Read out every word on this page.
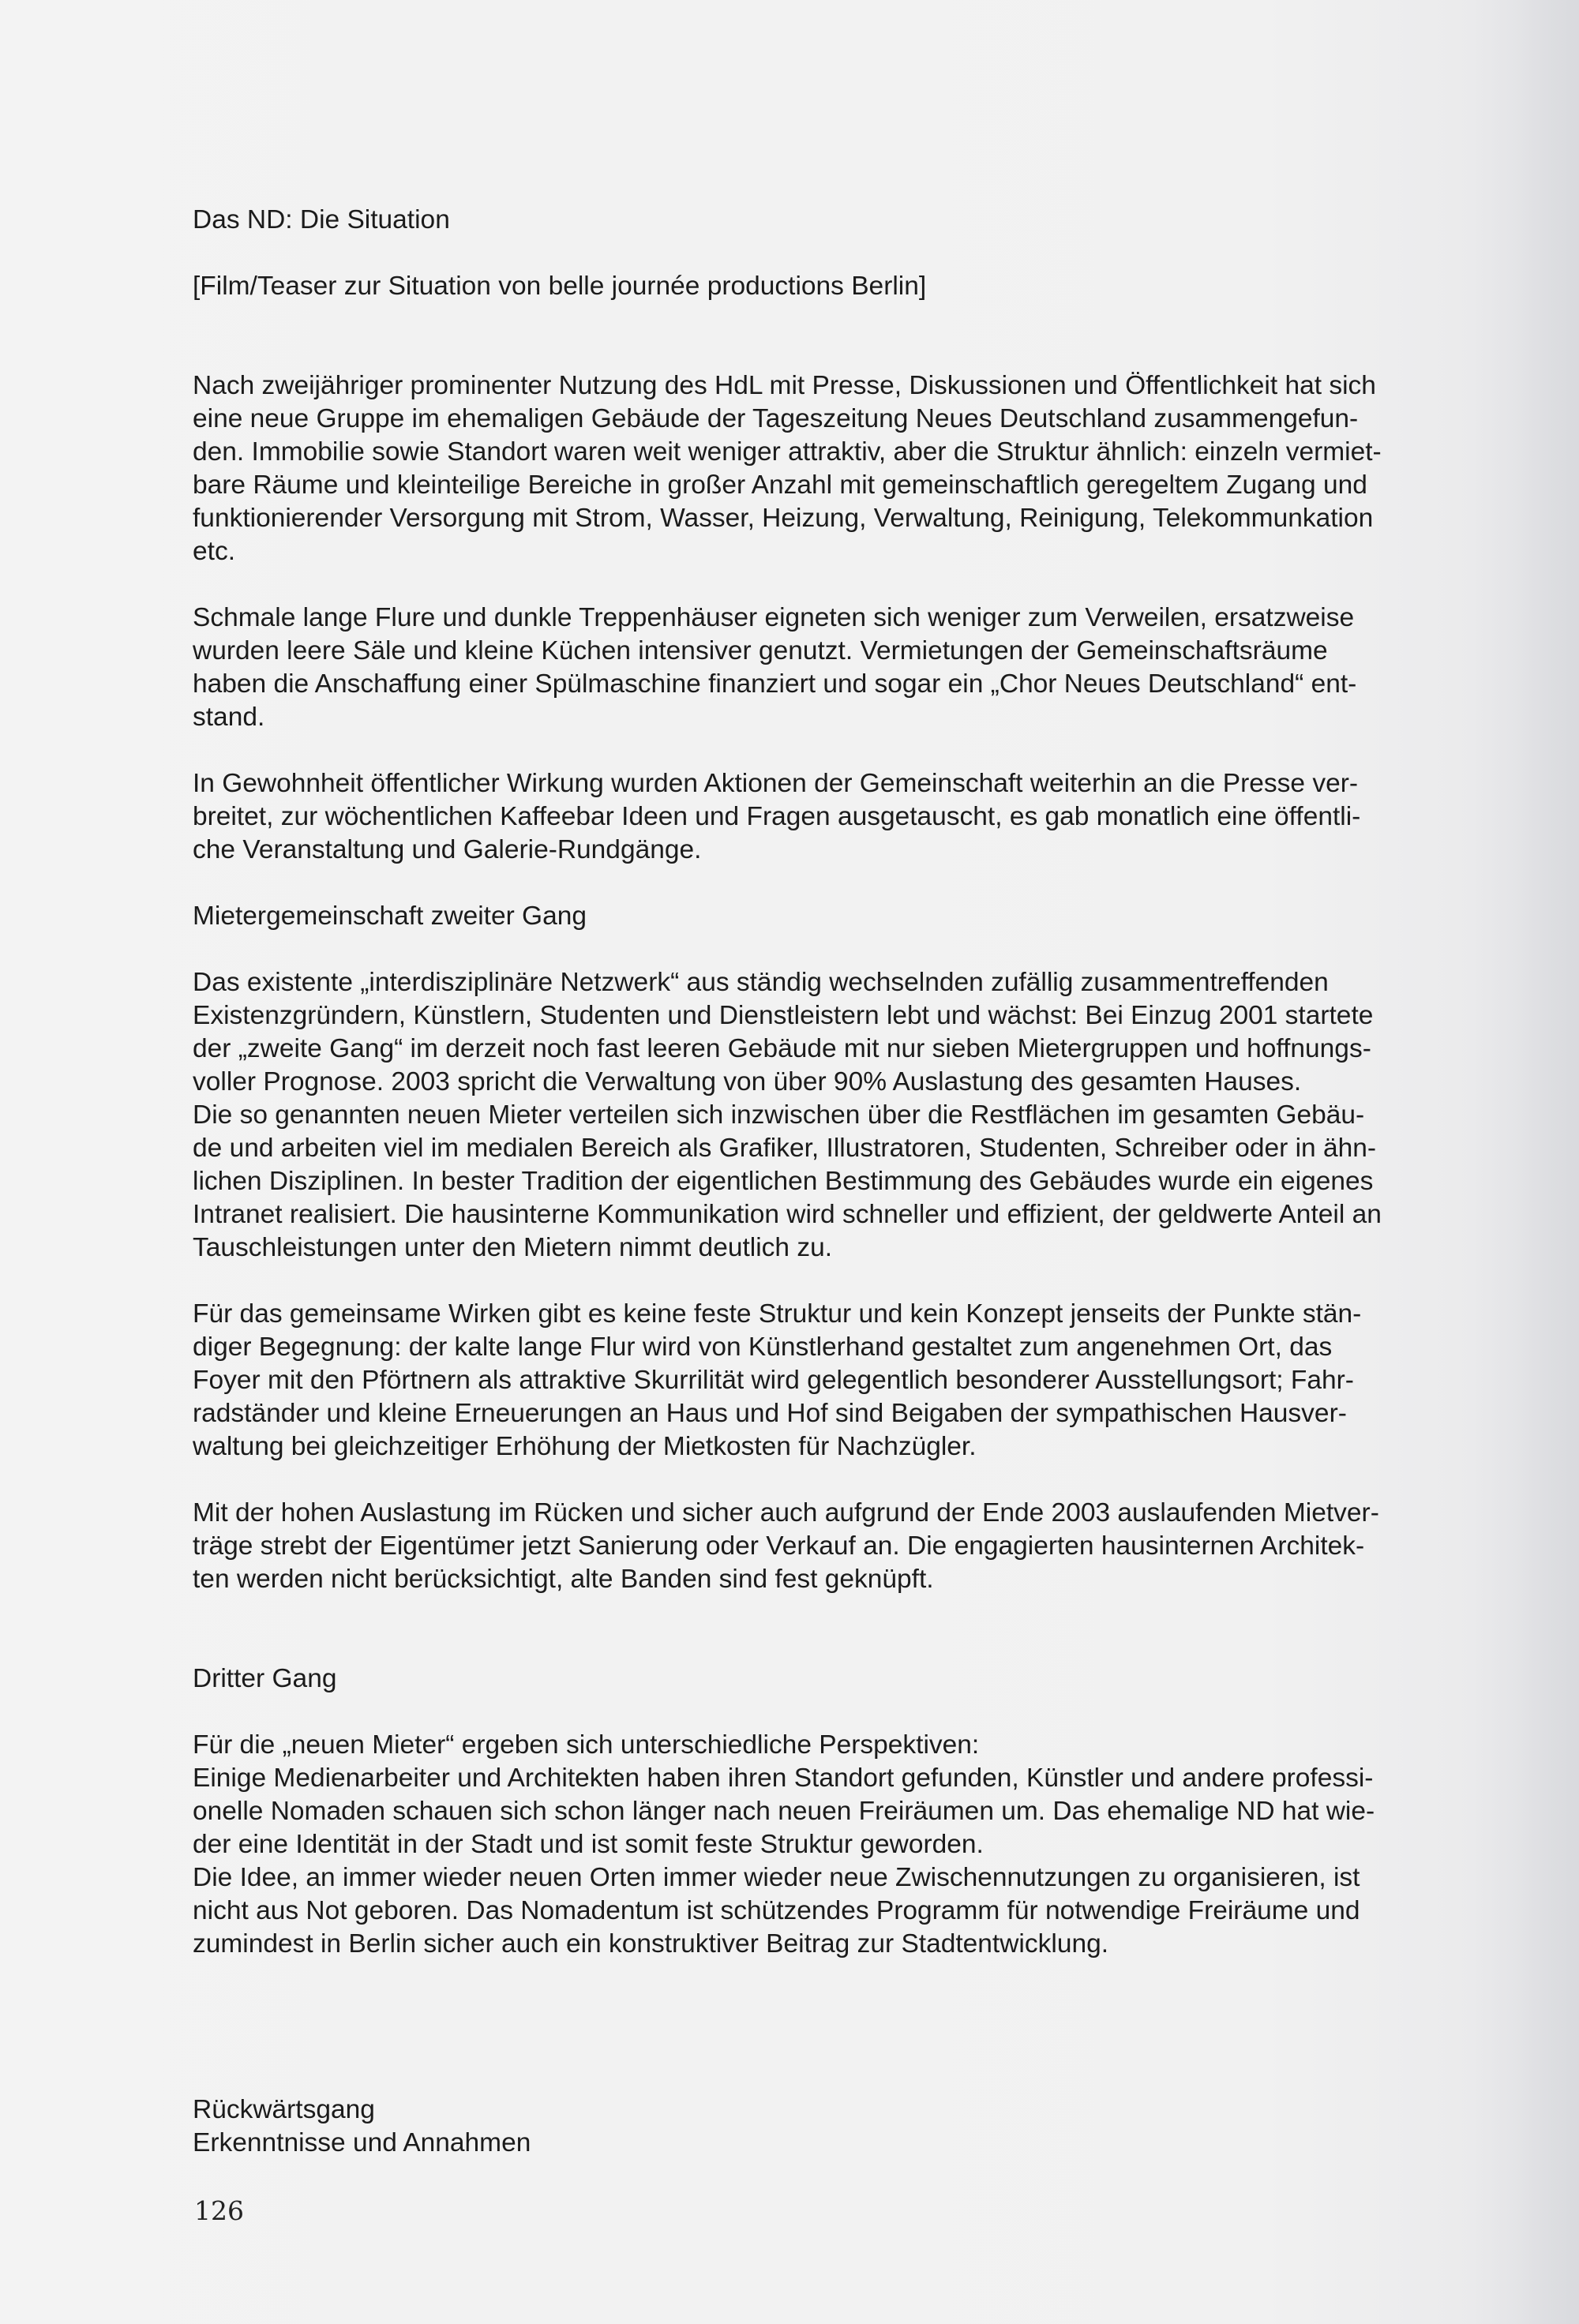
Das ND: Die Situation

[Film/Teaser zur Situation von belle journée productions Berlin]

Nach zweijähriger prominenter Nutzung des HdL mit Presse, Diskussionen und Öffentlichkeit hat sich

eine neue Gruppe im ehemaligen Gebäude der Tageszeitung Neues Deutschland zusammengefun-

den. Immobilie sowie Standort waren weit weniger attraktiv, aber die Struktur ähnlich: einzeln vermiet-

bare Räume und kleinteilige Bereiche in großer Anzahl mit gemeinschaftlich geregeltem Zugang und

funktionierender Versorgung mit Strom, Wasser, Heizung, Verwaltung, Reinigung, Telekommunkation

etc.

Schmale lange Flure und dunkle Treppenhäuser eigneten sich weniger zum Verweilen, ersatzweise

wurden leere Säle und kleine Küchen intensiver genutzt. Vermietungen der Gemeinschaftsräume

haben die Anschaffung einer Spülmaschine finanziert und sogar ein „Chor Neues Deutschland“ ent-

stand.

In Gewohnheit öffentlicher Wirkung wurden Aktionen der Gemeinschaft weiterhin an die Presse ver-

breitet, zur wöchentlichen Kaffeebar Ideen und Fragen ausgetauscht, es gab monatlich eine öffentli-

che Veranstaltung und Galerie-Rundgänge.

Mietergemeinschaft zweiter Gang

Das existente „interdisziplinäre Netzwerk“ aus ständig wechselnden zufällig zusammentreffenden

Existenzgründern, Künstlern, Studenten und Dienstleistern lebt und wächst: Bei Einzug 2001 startete

der „zweite Gang“ im derzeit noch fast leeren Gebäude mit nur sieben Mietergruppen und hoffnungs-

voller Prognose. 2003 spricht die Verwaltung von über 90% Auslastung des gesamten Hauses.

Die so genannten neuen Mieter verteilen sich inzwischen über die Restflächen im gesamten Gebäu-

de und arbeiten viel im medialen Bereich als Grafiker, Illustratoren, Studenten, Schreiber oder in ähn-

lichen Disziplinen. In bester Tradition der eigentlichen Bestimmung des Gebäudes wurde ein eigenes

Intranet realisiert. Die hausinterne Kommunikation wird schneller und effizient, der geldwerte Anteil an

Tauschleistungen unter den Mietern nimmt deutlich zu.

Für das gemeinsame Wirken gibt es keine feste Struktur und kein Konzept jenseits der Punkte stän-

diger Begegnung: der kalte lange Flur wird von Künstlerhand gestaltet zum angenehmen Ort, das

Foyer mit den Pförtnern als attraktive Skurrilität wird gelegentlich besonderer Ausstellungsort; Fahr-

radständer und kleine Erneuerungen an Haus und Hof sind Beigaben der sympathischen Hausver-

waltung bei gleichzeitiger Erhöhung der Mietkosten für Nachzügler.

Mit der hohen Auslastung im Rücken und sicher auch aufgrund der Ende 2003 auslaufenden Mietver-

träge strebt der Eigentümer jetzt Sanierung oder Verkauf an. Die engagierten hausinternen Architek-

ten werden nicht berücksichtigt, alte Banden sind fest geknüpft.

Dritter Gang

Für die „neuen Mieter“ ergeben sich unterschiedliche Perspektiven:

Einige Medienarbeiter und Architekten haben ihren Standort gefunden, Künstler und andere professi-

onelle Nomaden schauen sich schon länger nach neuen Freiräumen um. Das ehemalige ND hat wie-

der eine Identität in der Stadt und ist somit feste Struktur geworden.

Die Idee, an immer wieder neuen Orten immer wieder neue Zwischennutzungen zu organisieren, ist

nicht aus Not geboren. Das Nomadentum ist schützendes Programm für notwendige Freiräume und

zumindest in Berlin sicher auch ein konstruktiver Beitrag zur Stadtentwicklung.

Rückwärtsgang

Erkenntnisse und Annahmen

126
